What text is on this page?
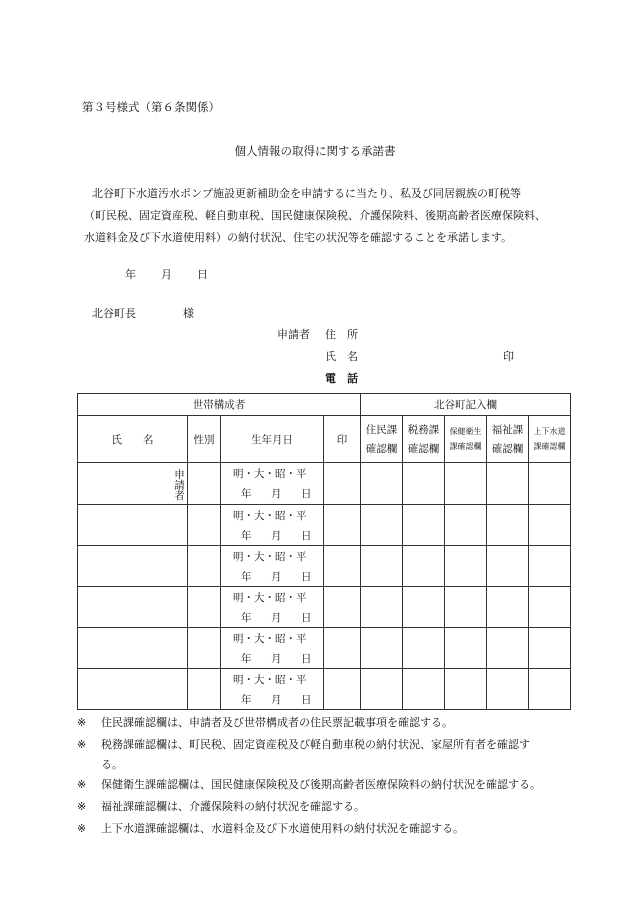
第３号様式（第６条関係）
個人情報の取得に関する承諾書
北谷町下水道汚水ポンプ施設更新補助金を申請するに当たり、私及び同居親族の町税等
（町民税、固定資産税、軽自動車税、国民健康保険税、介護保険料、後期高齢者医療保険料、
水道料金及び下水道使用料）の納付状況、住宅の状況等を確認することを承諾します。
年 月 日
北谷町長	様
申請者 住　所
氏　名	印
電　話
世帯構成者				北谷町記入欄				
氏　　名	性別	生年月日	印	住民課	税務課	保健衛生	福祉課	上下水道
				確認欄	確認欄	課確認欄	確認欄	課確認欄
申請者		明・大・昭・平						
		年 月 日						
		明・大・昭・平						
		年 月 日						
		明・大・昭・平						
		年 月 日						
		明・大・昭・平						
		年 月 日						
		明・大・昭・平						
		年 月 日						
		明・大・昭・平						
		年 月 日						
※ 住民課確認欄は、申請者及び世帯構成者の住民票記載事項を確認する。
※ 税務課確認欄は、町民税、固定資産税及び軽自動車税の納付状況、家屋所有者を確認す
る。
※ 保健衛生課確認欄は、国民健康保険税及び後期高齢者医療保険料の納付状況を確認する。
※ 福祉課確認欄は、介護保険料の納付状況を確認する。
※ 上下水道課確認欄は、水道料金及び下水道使用料の納付状況を確認する。
